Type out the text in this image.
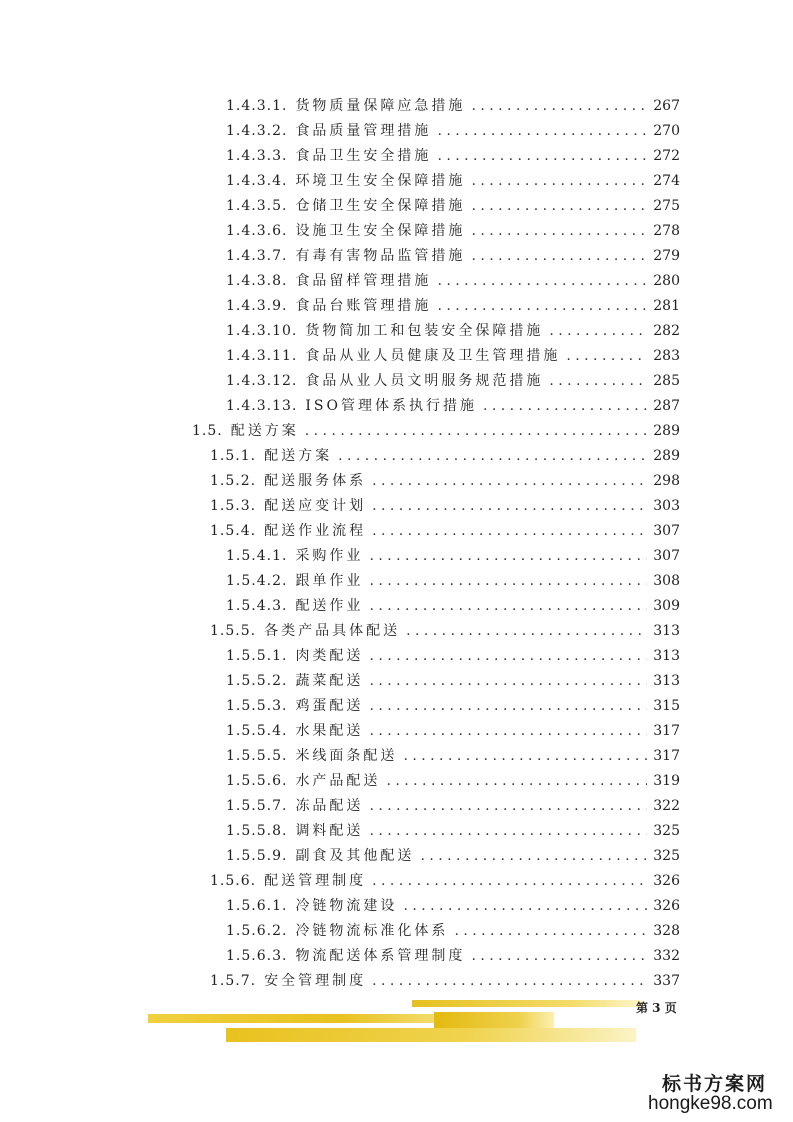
1.4.3.1. 货物质量保障应急措施 . . .	267
1.4.3.2. 食品质量管理措施 . . .	270
1.4.3.3. 食品卫生安全措施 . . .	272
1.4.3.4. 环境卫生安全保障措施 . . .	274
1.4.3.5. 仓储卫生安全保障措施 . . .	275
1.4.3.6. 设施卫生安全保障措施 . . .	278
1.4.3.7. 有毒有害物品监管措施 . . .	279
1.4.3.8. 食品留样管理措施 . . .	280
1.4.3.9. 食品台账管理措施 . . .	281
1.4.3.10. 货物简加工和包装安全保障措施 . . .	282
1.4.3.11. 食品从业人员健康及卫生管理措施 . . .	283
1.4.3.12. 食品从业人员文明服务规范措施 . . .	285
1.4.3.13. ISO管理体系执行措施 . . .	287
1.5. 配送方案 . . .	289
1.5.1. 配送方案 . . .	289
1.5.2. 配送服务体系 . . .	298
1.5.3. 配送应变计划 . . .	303
1.5.4. 配送作业流程 . . .	307
1.5.4.1. 采购作业 . . .	307
1.5.4.2. 跟单作业 . . .	308
1.5.4.3. 配送作业 . . .	309
1.5.5. 各类产品具体配送 . . .	313
1.5.5.1. 肉类配送 . . .	313
1.5.5.2. 蔬菜配送 . . .	313
1.5.5.3. 鸡蛋配送 . . .	315
1.5.5.4. 水果配送 . . .	317
1.5.5.5. 米线面条配送 . . .	317
1.5.5.6. 水产品配送 . . .	319
1.5.5.7. 冻品配送 . . .	322
1.5.5.8. 调料配送 . . .	325
1.5.5.9. 副食及其他配送 . . .	325
1.5.6. 配送管理制度 . . .	326
1.5.6.1. 冷链物流建设 . . .	326
1.5.6.2. 冷链物流标准化体系 . . .	328
1.5.6.3. 物流配送体系管理制度 . . .	332
1.5.7. 安全管理制度 . . .	337
第 3 页
标书方案网
hongke98.com
